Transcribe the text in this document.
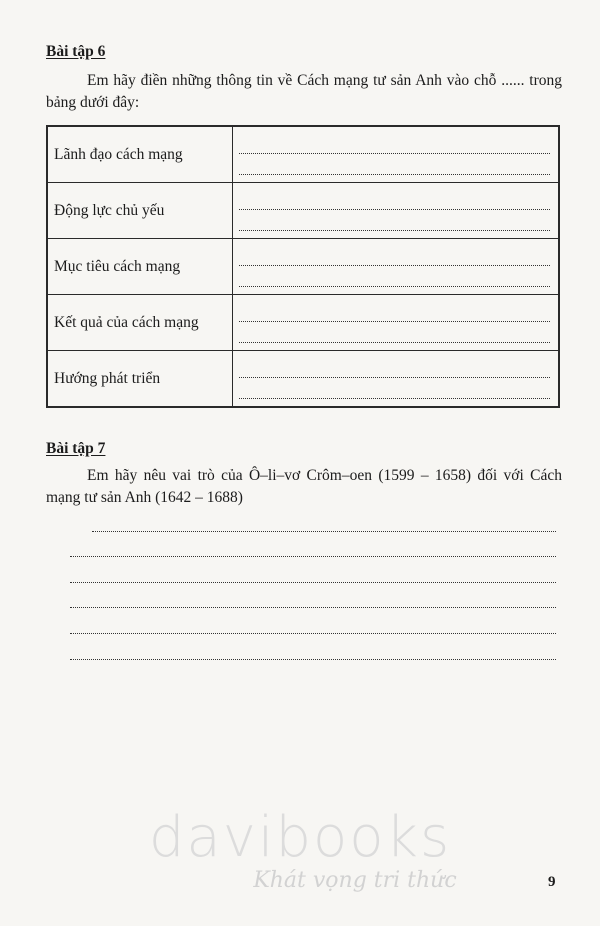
Bài tập 6
Em hãy điền những thông tin về Cách mạng tư sản Anh vào chỗ ...... trong bảng dưới đây:
Lãnh đạo cách mạng	

Động lực chủ yếu	

Mục tiêu cách mạng	

Kết quả của cách mạng	

Hướng phát triển	
Bài tập 7
Em hãy nêu vai trò của Ô–li–vơ Crôm–oen (1599 – 1658) đối với Cách mạng tư sản Anh (1642 – 1688)
davibooks
Khát vọng tri thức	9
